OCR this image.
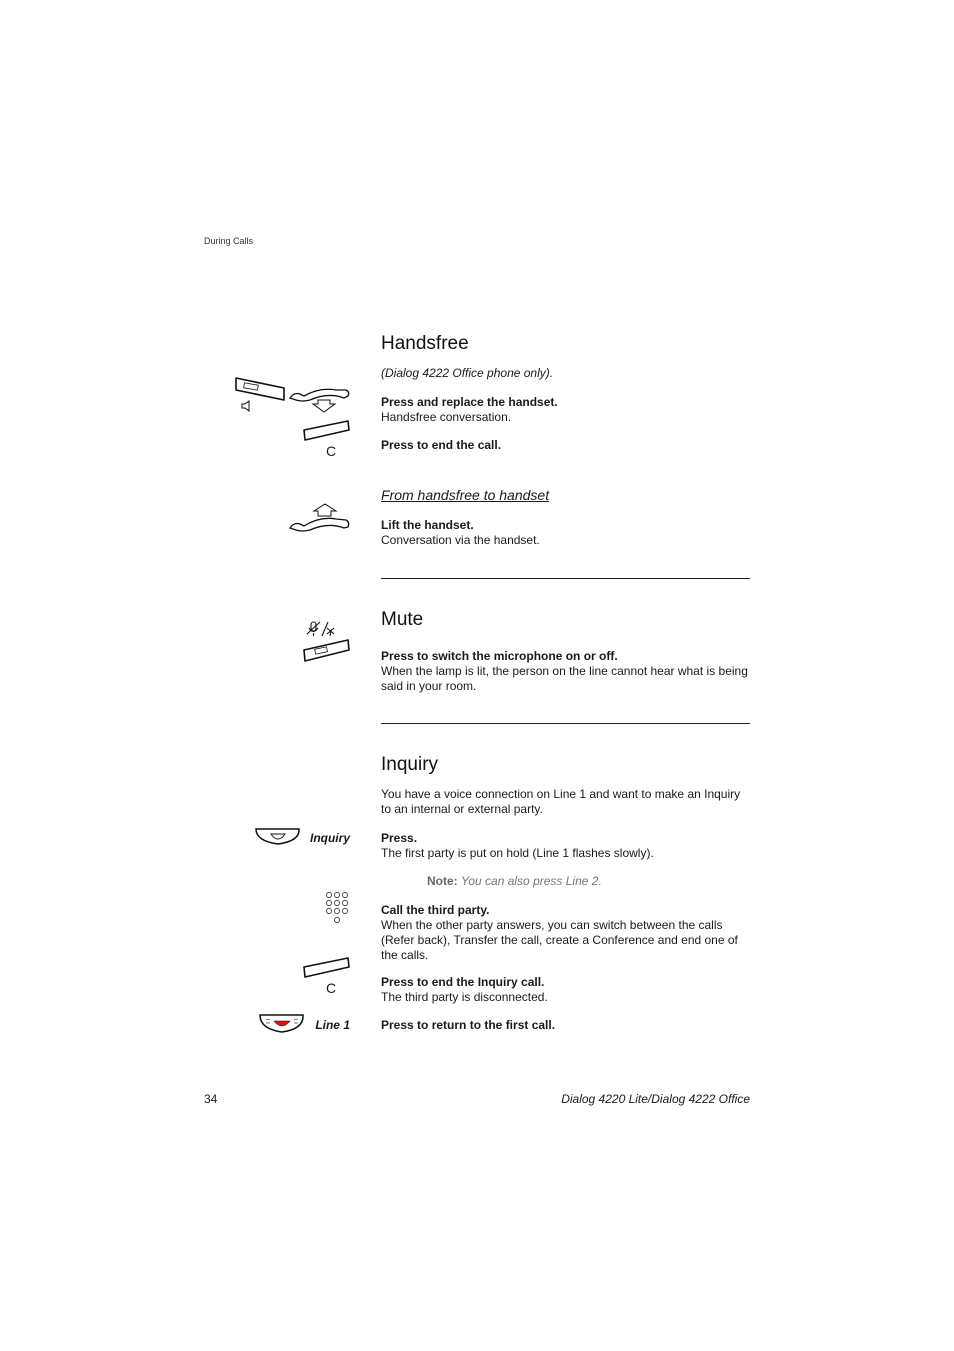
During Calls
Handsfree
(Dialog 4222 Office phone only).
Press and replace the handset.
Handsfree conversation.
C	Press to end the call.
From handsfree to handset
Lift the handset.
Conversation via the handset.
Mute
Press to switch the microphone on or off.
When the lamp is lit, the person on the line cannot hear what is being said in your room.
Inquiry
You have a voice connection on Line 1 and want to make an Inquiry to an internal or external party.
Inquiry	Press.
The first party is put on hold (Line 1 flashes slowly).
Note: You can also press Line 2.
Call the third party.
When the other party answers, you can switch between the calls (Refer back), Transfer the call, create a Conference and end one of the calls.
C	Press to end the Inquiry call.
The third party is disconnected.
Line 1	Press to return to the first call.
34	Dialog 4220 Lite/Dialog 4222 Office
